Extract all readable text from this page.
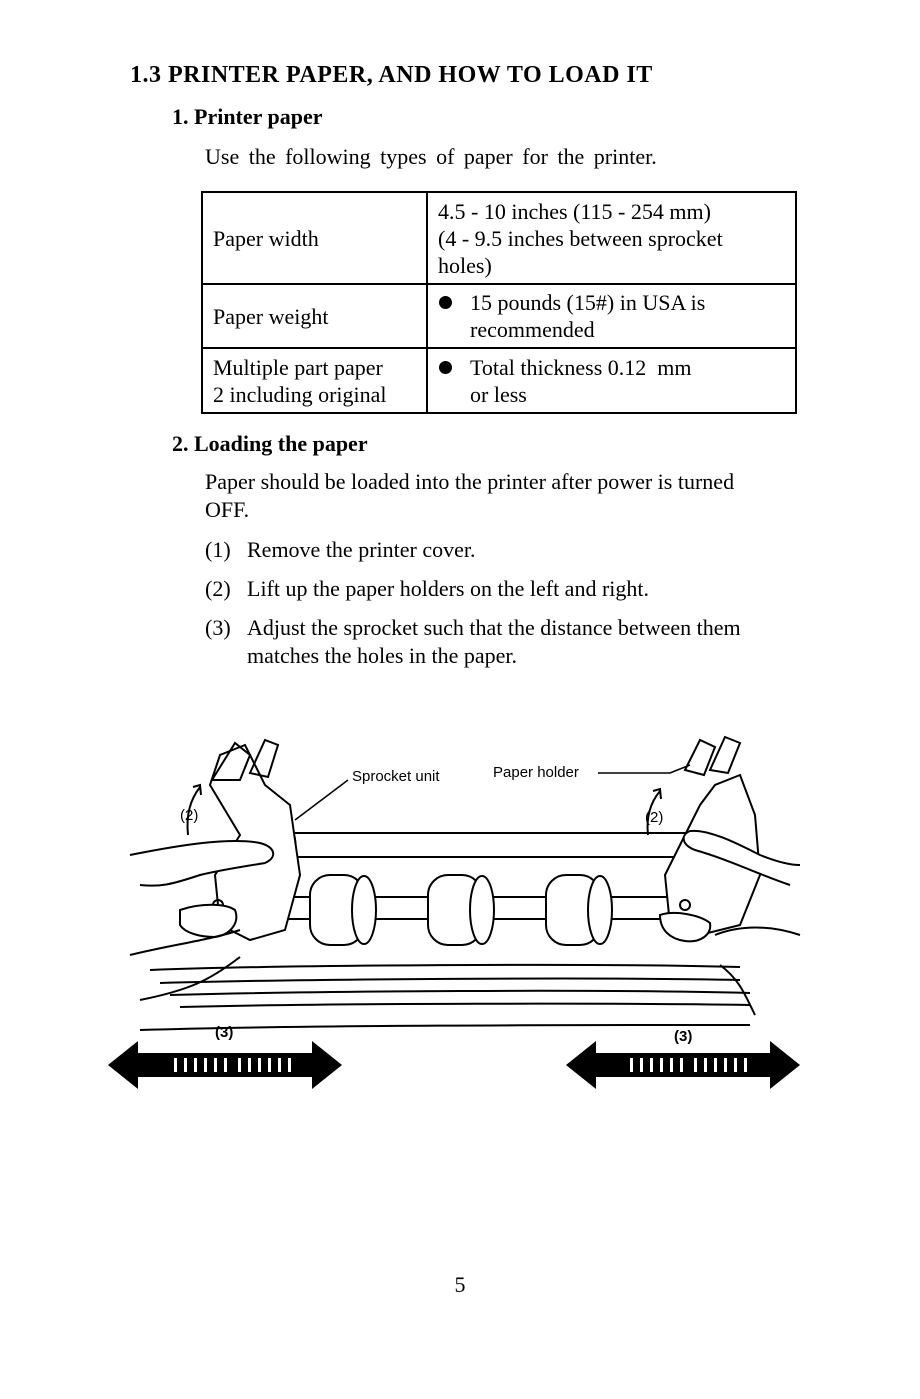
1.3 PRINTER PAPER, AND HOW TO LOAD IT
1. Printer paper

Use the following types of paper for the printer.

Paper width	4.5 - 10 inches (115 - 254 mm)
(4 - 9.5 inches between sprocket
holes)

Paper weight	15 pounds (15#) in USA is
recommended

Multiple part paper
2 including original	Total thickness 0.12  mm
or less
2. Loading the paper
Paper should be loaded into the printer after power is turned
OFF.
(1) Remove the printer cover.
(2) Lift up the paper holders on the left and right.
(3) Adjust the sprocket such that the distance between them
matches the holes in the paper.
Sprocket unit	Paper holder
(2)	(2)
(3)	(3)
5
